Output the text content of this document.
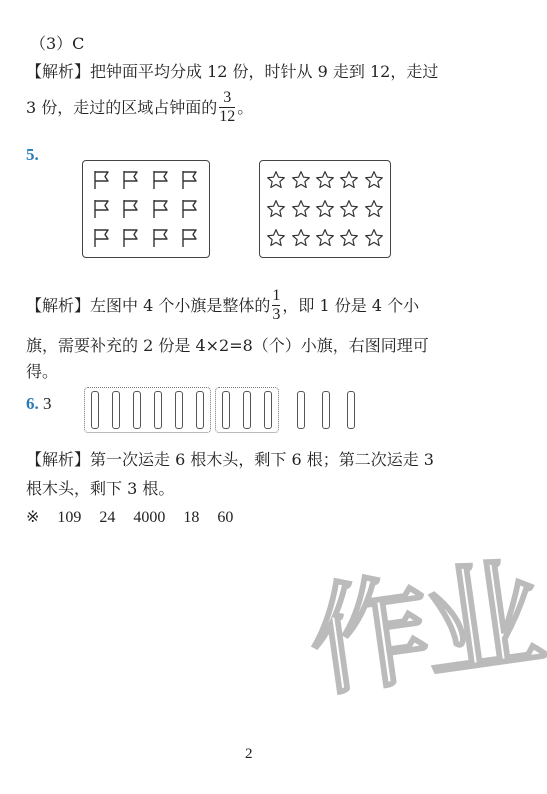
（3）C
【解析】把钟面平均分成 12 份，时针从 9 走到 12，走过
3 份，走过的区域占钟面的 $\frac{3}{12}$ 。
5.
【解析】 左图中 4 个小旗是整体的 $\frac{1}{3}$ ，即 1 份是 4 个小
旗，需要补充的 2 份是 4×2=8（个）小旗，右图同理可
得。
6. 3
【解析】第一次运走 6 根木头，剩下 6 根；第二次运走 3
根木头，剩下 3 根。
※ 109 24 4000 18 60
作业
2
